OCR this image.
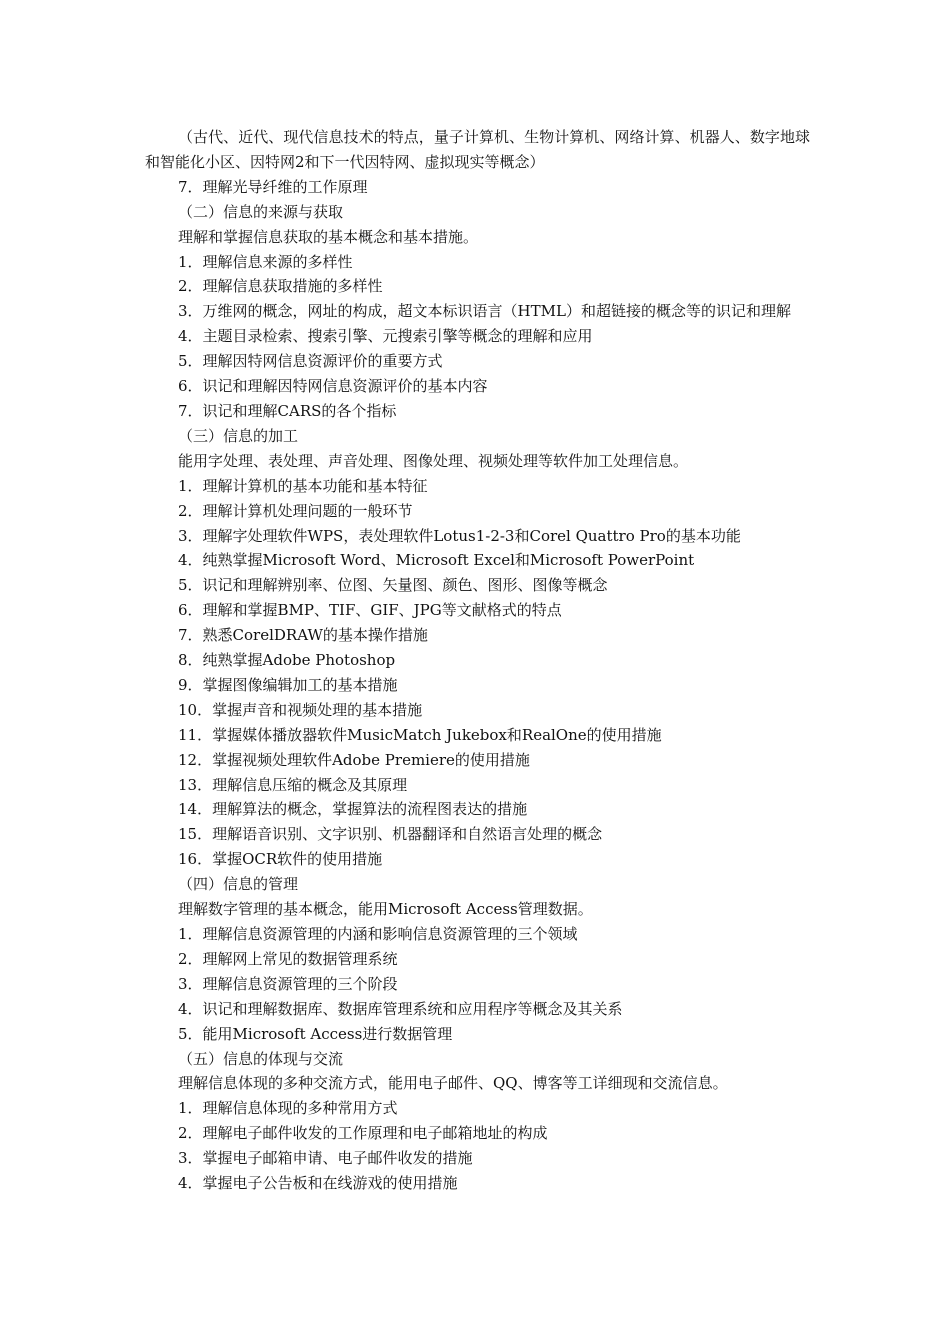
（古代、近代、现代信息技术的特点，量子计算机、生物计算机、网络计算、机器人、数字地球和智能化小区、因特网2和下一代因特网、虚拟现实等概念）

7．理解光导纤维的工作原理

（二）信息的来源与获取

理解和掌握信息获取的基本概念和基本措施。

1．理解信息来源的多样性

2．理解信息获取措施的多样性

3．万维网的概念，网址的构成，超文本标识语言（HTML）和超链接的概念等的识记和理解

4．主题目录检索、搜索引擎、元搜索引擎等概念的理解和应用

5．理解因特网信息资源评价的重要方式

6．识记和理解因特网信息资源评价的基本内容

7．识记和理解CARS的各个指标

（三）信息的加工

能用字处理、表处理、声音处理、图像处理、视频处理等软件加工处理信息。

1．理解计算机的基本功能和基本特征

2．理解计算机处理问题的一般环节

3．理解字处理软件WPS，表处理软件Lotus1-2-3和Corel Quattro Pro的基本功能

4．纯熟掌握Microsoft Word、Microsoft Excel和Microsoft PowerPoint

5．识记和理解辨别率、位图、矢量图、颜色、图形、图像等概念

6．理解和掌握BMP、TIF、GIF、JPG等文献格式的特点

7．熟悉CorelDRAW的基本操作措施

8．纯熟掌握Adobe Photoshop

9．掌握图像编辑加工的基本措施

10．掌握声音和视频处理的基本措施

11．掌握媒体播放器软件MusicMatch Jukebox和RealOne的使用措施

12．掌握视频处理软件Adobe Premiere的使用措施

13．理解信息压缩的概念及其原理

14．理解算法的概念，掌握算法的流程图表达的措施

15．理解语音识别、文字识别、机器翻译和自然语言处理的概念

16．掌握OCR软件的使用措施

（四）信息的管理

理解数字管理的基本概念，能用Microsoft Access管理数据。

1．理解信息资源管理的内涵和影响信息资源管理的三个领域

2．理解网上常见的数据管理系统

3．理解信息资源管理的三个阶段

4．识记和理解数据库、数据库管理系统和应用程序等概念及其关系

5．能用Microsoft Access进行数据管理

（五）信息的体现与交流

理解信息体现的多种交流方式，能用电子邮件、QQ、博客等工详细现和交流信息。

1．理解信息体现的多种常用方式

2．理解电子邮件收发的工作原理和电子邮箱地址的构成

3．掌握电子邮箱申请、电子邮件收发的措施

4．掌握电子公告板和在线游戏的使用措施
